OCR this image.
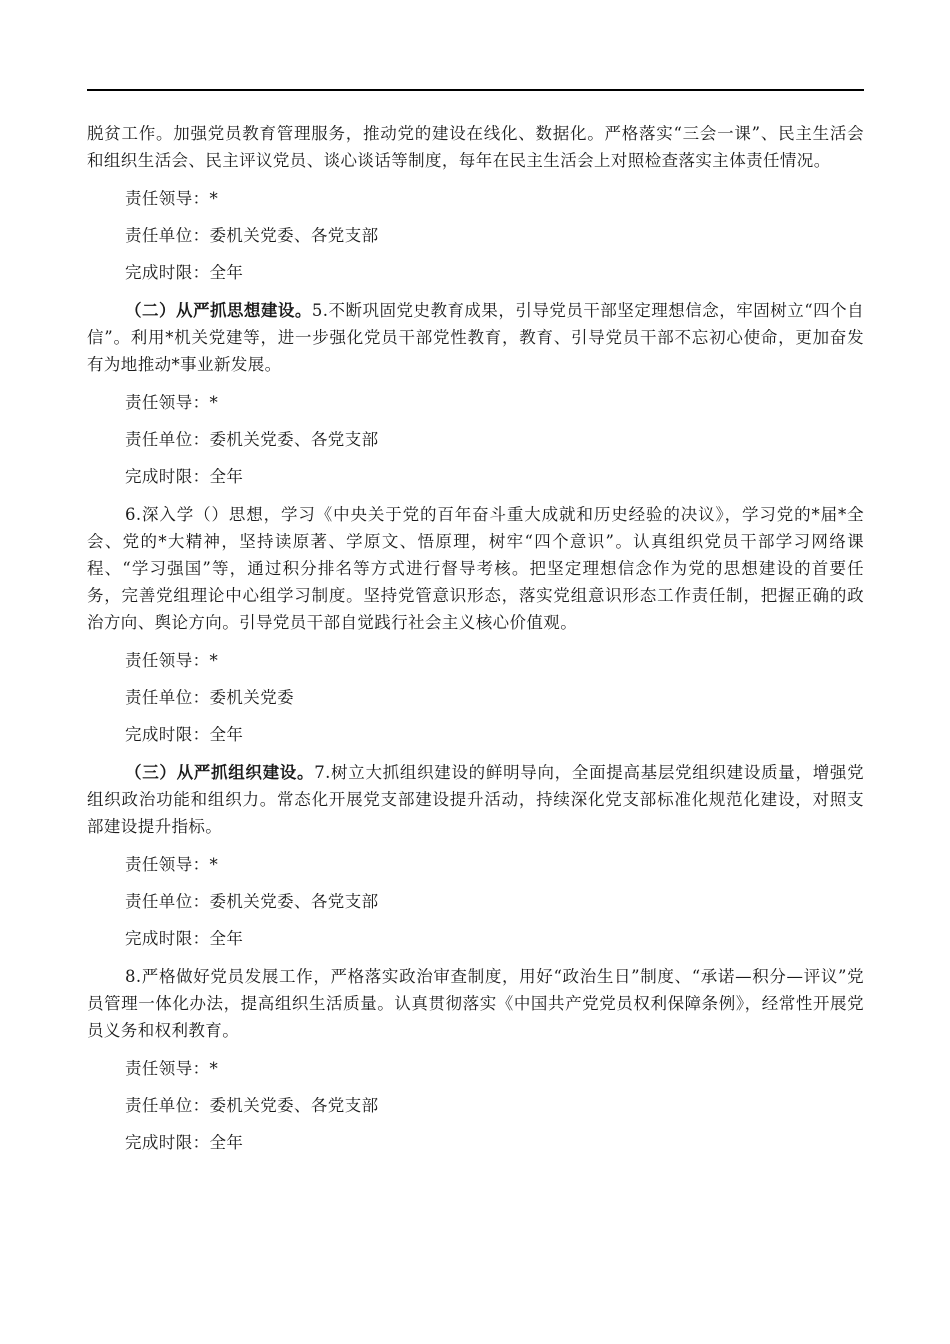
脱贫工作。加强党员教育管理服务，推动党的建设在线化、数据化。严格落实“三会一课”、民主生活会和组织生活会、民主评议党员、谈心谈话等制度，每年在民主生活会上对照检查落实主体责任情况。

责任领导：*
责任单位：委机关党委、各党支部
完成时限：全年

（二）从严抓思想建设。5.不断巩固党史教育成果，引导党员干部坚定理想信念，牢固树立“四个自信”。利用*机关党建等，进一步强化党员干部党性教育，教育、引导党员干部不忘初心使命，更加奋发有为地推动*事业新发展。

责任领导：*
责任单位：委机关党委、各党支部
完成时限：全年

6.深入学（）思想，学习《中央关于党的百年奋斗重大成就和历史经验的决议》，学习党的*届*全会、党的*大精神，坚持读原著、学原文、悟原理，树牢“四个意识”。认真组织党员干部学习网络课程、“学习强国”等，通过积分排名等方式进行督导考核。把坚定理想信念作为党的思想建设的首要任务，完善党组理论中心组学习制度。坚持党管意识形态，落实党组意识形态工作责任制，把握正确的政治方向、舆论方向。引导党员干部自觉践行社会主义核心价值观。

责任领导：*
责任单位：委机关党委
完成时限：全年

（三）从严抓组织建设。7.树立大抓组织建设的鲜明导向，全面提高基层党组织建设质量，增强党组织政治功能和组织力。常态化开展党支部建设提升活动，持续深化党支部标准化规范化建设，对照支部建设提升指标。

责任领导：*
责任单位：委机关党委、各党支部
完成时限：全年

8.严格做好党员发展工作，严格落实政治审查制度，用好“政治生日”制度、“承诺—积分—评议”党员管理一体化办法，提高组织生活质量。认真贯彻落实《中国共产党党员权利保障条例》，经常性开展党员义务和权利教育。

责任领导：*
责任单位：委机关党委、各党支部
完成时限：全年
